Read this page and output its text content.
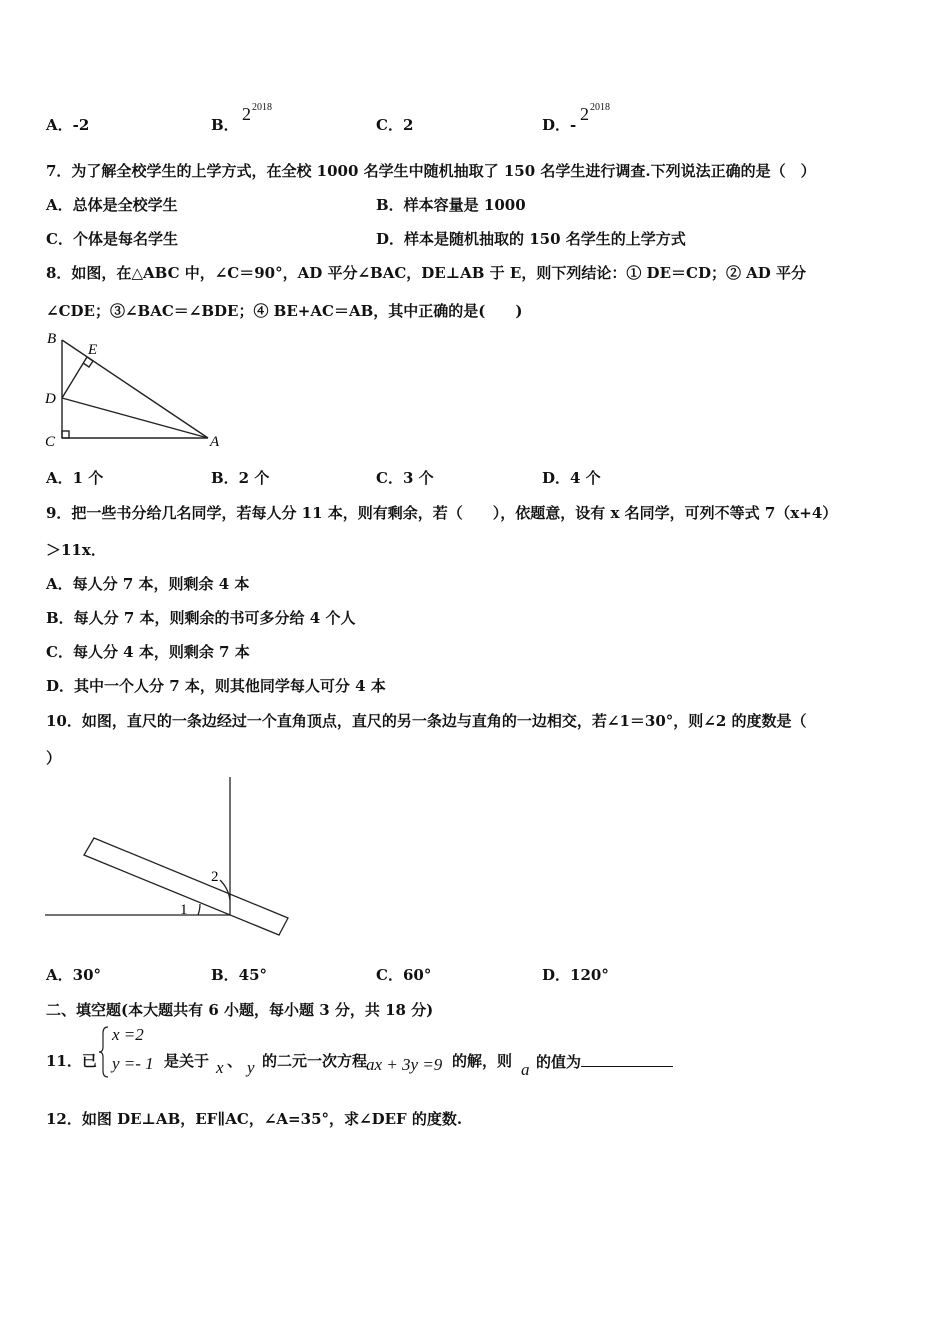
A．-2	B．
2 2018
C．2	D．-
2 2018
7．为了解全校学生的上学方式，在全校 1000 名学生中随机抽取了 150 名学生进行调查.下列说法正确的是（　）
A．总体是全校学生	B．样本容量是 1000
C．个体是每名学生	D．样本是随机抽取的 150 名学生的上学方式
8．如图，在△ABC 中，∠C＝90°，AD 平分∠BAC，DE⊥AB 于 E，则下列结论：① DE＝CD；② AD 平分
∠CDE；③∠BAC＝∠BDE；④ BE+AC＝AB，其中正确的是(　　)
B
E
D
C	A
A．1 个	B．2 个	C．3 个	D．4 个
9．把一些书分给几名同学，若每人分 11 本，则有剩余，若（　　），依题意，设有 x 名同学，可列不等式 7（x+4）
＞11x．
A．每人分 7 本，则剩余 4 本
B．每人分 7 本，则剩余的书可多分给 4 个人
C．每人分 4 本，则剩余 7 本
D．其中一个人分 7 本，则其他同学每人可分 4 本
10．如图，直尺的一条边经过一个直角顶点，直尺的另一条边与直角的一边相交，若∠1＝30°，则∠2 的度数是（
）
1
2
A．30°	B．45°	C．60°	D．120°
二、填空题(本大题共有 6 小题，每小题 3 分，共 18 分)
11．已
x =2
y =- 1 是关于 x 、 y 的二元一次方程
ax + 3y =9 的解，则 a 的值为
12．如图 DE⊥AB，EF∥AC，∠A=35°，求∠DEF 的度数.
